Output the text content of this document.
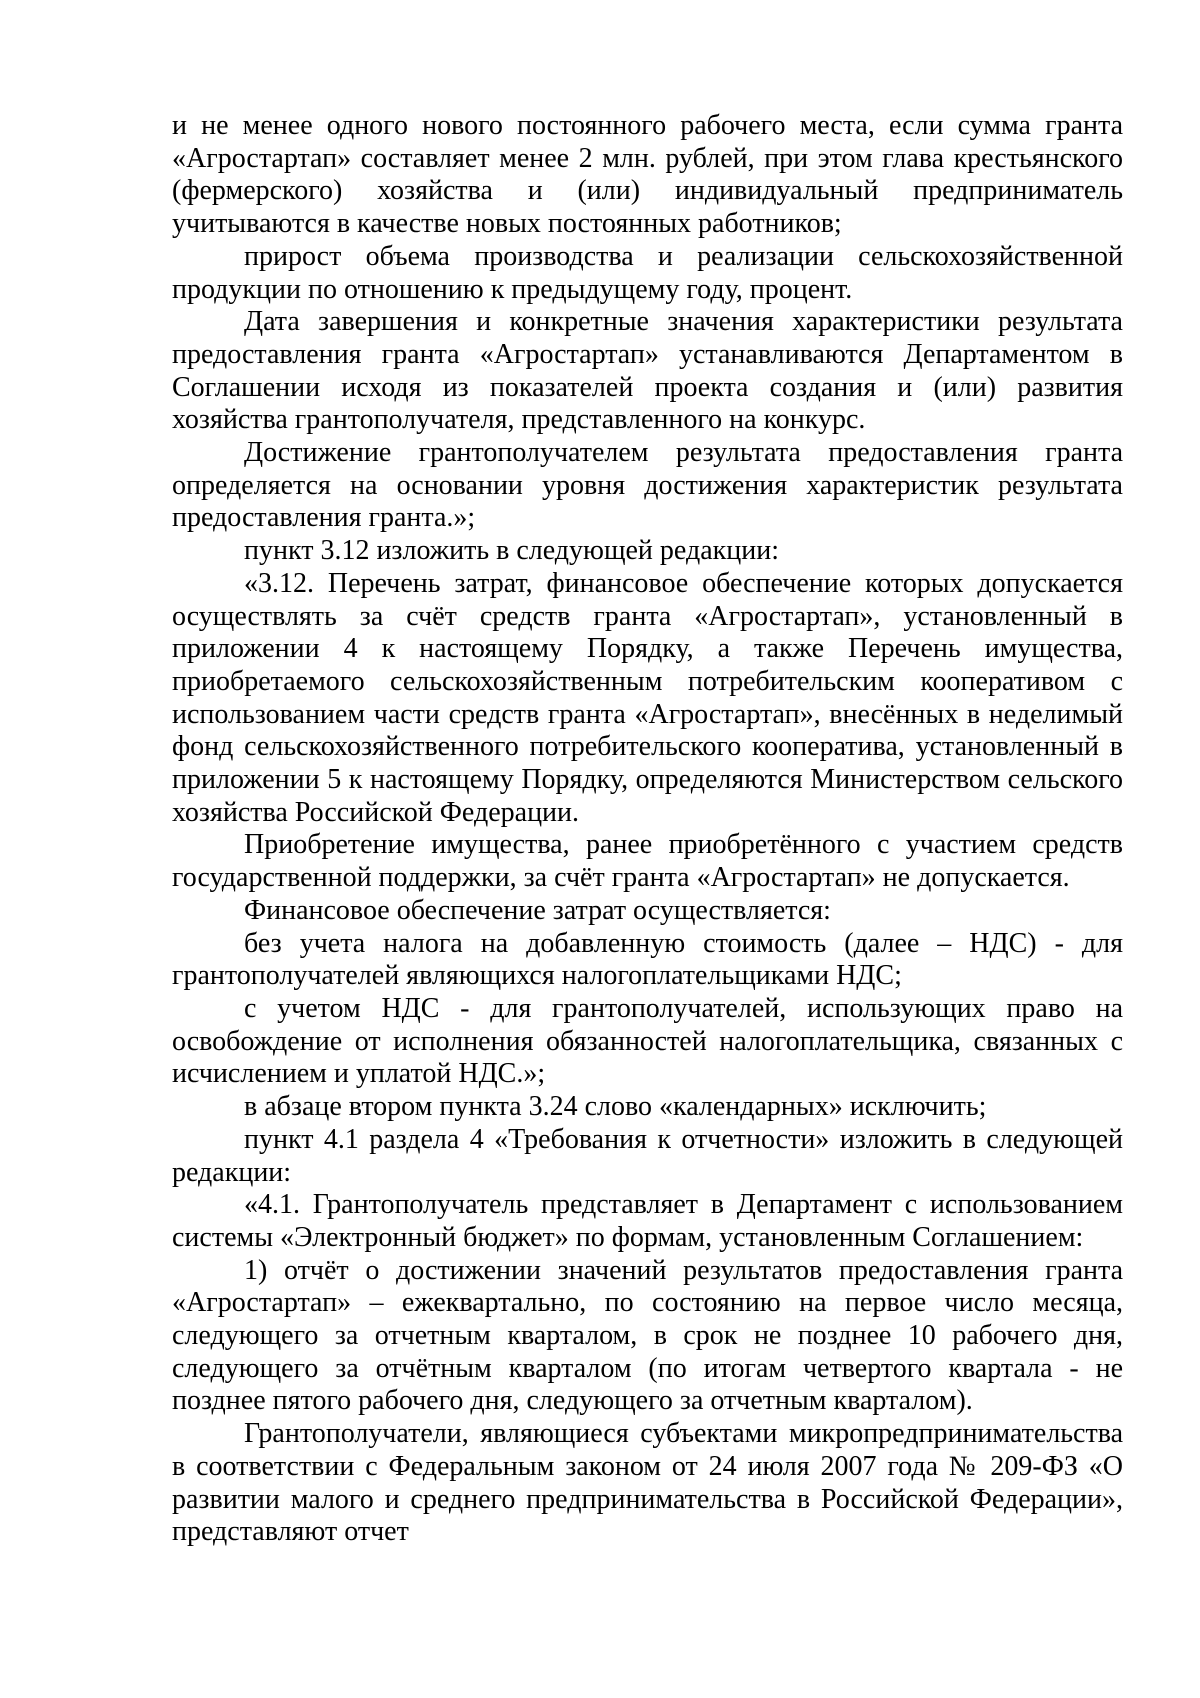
и не менее одного нового постоянного рабочего места, если сумма гранта «Агростартап» составляет менее 2 млн. рублей, при этом глава крестьянского (фермерского) хозяйства и (или) индивидуальный предприниматель учитываются в качестве новых постоянных работников;

прирост объема производства и реализации сельскохозяйственной продукции по отношению к предыдущему году, процент.

Дата завершения и конкретные значения характеристики результата предоставления гранта «Агростартап» устанавливаются Департаментом в Соглашении исходя из показателей проекта создания и (или) развития хозяйства грантополучателя, представленного на конкурс.

Достижение грантополучателем результата предоставления гранта определяется на основании уровня достижения характеристик результата предоставления гранта.»;

пункт 3.12 изложить в следующей редакции:

«3.12. Перечень затрат, финансовое обеспечение которых допускается осуществлять за счёт средств гранта «Агростартап», установленный в приложении 4 к настоящему Порядку, а также Перечень имущества, приобретаемого сельскохозяйственным потребительским кооперативом с использованием части средств гранта «Агростартап», внесённых в неделимый фонд сельскохозяйственного потребительского кооператива, установленный в приложении 5 к настоящему Порядку, определяются Министерством сельского хозяйства Российской Федерации.

Приобретение имущества, ранее приобретённого с участием средств государственной поддержки, за счёт гранта «Агростартап» не допускается.

Финансовое обеспечение затрат осуществляется:

без учета налога на добавленную стоимость (далее – НДС) - для грантополучателей являющихся налогоплательщиками НДС;

с учетом НДС - для грантополучателей, использующих право на освобождение от исполнения обязанностей налогоплательщика, связанных с исчислением и уплатой НДС.»;

в абзаце втором пункта 3.24 слово «календарных» исключить;

пункт 4.1 раздела 4 «Требования к отчетности» изложить в следующей редакции:

«4.1. Грантополучатель представляет в Департамент с использованием системы «Электронный бюджет» по формам, установленным Соглашением:

1) отчёт о достижении значений результатов предоставления гранта «Агростартап» – ежеквартально, по состоянию на первое число месяца, следующего за отчетным кварталом, в срок не позднее 10 рабочего дня, следующего за отчётным кварталом (по итогам четвертого квартала - не позднее пятого рабочего дня, следующего за отчетным кварталом).

Грантополучатели, являющиеся субъектами микропредпринимательства в соответствии с Федеральным законом от 24 июля 2007 года № 209-ФЗ «О развитии малого и среднего предпринимательства в Российской Федерации», представляют отчет
